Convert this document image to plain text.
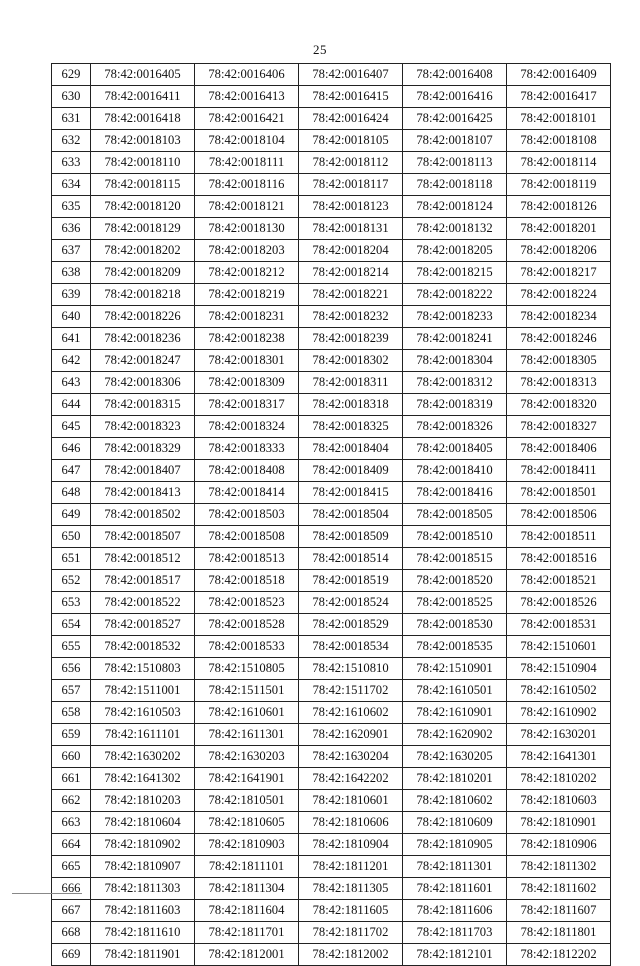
25
629	78:42:0016405	78:42:0016406	78:42:0016407	78:42:0016408	78:42:0016409
630	78:42:0016411	78:42:0016413	78:42:0016415	78:42:0016416	78:42:0016417
631	78:42:0016418	78:42:0016421	78:42:0016424	78:42:0016425	78:42:0018101
632	78:42:0018103	78:42:0018104	78:42:0018105	78:42:0018107	78:42:0018108
633	78:42:0018110	78:42:0018111	78:42:0018112	78:42:0018113	78:42:0018114
634	78:42:0018115	78:42:0018116	78:42:0018117	78:42:0018118	78:42:0018119
635	78:42:0018120	78:42:0018121	78:42:0018123	78:42:0018124	78:42:0018126
636	78:42:0018129	78:42:0018130	78:42:0018131	78:42:0018132	78:42:0018201
637	78:42:0018202	78:42:0018203	78:42:0018204	78:42:0018205	78:42:0018206
638	78:42:0018209	78:42:0018212	78:42:0018214	78:42:0018215	78:42:0018217
639	78:42:0018218	78:42:0018219	78:42:0018221	78:42:0018222	78:42:0018224
640	78:42:0018226	78:42:0018231	78:42:0018232	78:42:0018233	78:42:0018234
641	78:42:0018236	78:42:0018238	78:42:0018239	78:42:0018241	78:42:0018246
642	78:42:0018247	78:42:0018301	78:42:0018302	78:42:0018304	78:42:0018305
643	78:42:0018306	78:42:0018309	78:42:0018311	78:42:0018312	78:42:0018313
644	78:42:0018315	78:42:0018317	78:42:0018318	78:42:0018319	78:42:0018320
645	78:42:0018323	78:42:0018324	78:42:0018325	78:42:0018326	78:42:0018327
646	78:42:0018329	78:42:0018333	78:42:0018404	78:42:0018405	78:42:0018406
647	78:42:0018407	78:42:0018408	78:42:0018409	78:42:0018410	78:42:0018411
648	78:42:0018413	78:42:0018414	78:42:0018415	78:42:0018416	78:42:0018501
649	78:42:0018502	78:42:0018503	78:42:0018504	78:42:0018505	78:42:0018506
650	78:42:0018507	78:42:0018508	78:42:0018509	78:42:0018510	78:42:0018511
651	78:42:0018512	78:42:0018513	78:42:0018514	78:42:0018515	78:42:0018516
652	78:42:0018517	78:42:0018518	78:42:0018519	78:42:0018520	78:42:0018521
653	78:42:0018522	78:42:0018523	78:42:0018524	78:42:0018525	78:42:0018526
654	78:42:0018527	78:42:0018528	78:42:0018529	78:42:0018530	78:42:0018531
655	78:42:0018532	78:42:0018533	78:42:0018534	78:42:0018535	78:42:1510601
656	78:42:1510803	78:42:1510805	78:42:1510810	78:42:1510901	78:42:1510904
657	78:42:1511001	78:42:1511501	78:42:1511702	78:42:1610501	78:42:1610502
658	78:42:1610503	78:42:1610601	78:42:1610602	78:42:1610901	78:42:1610902
659	78:42:1611101	78:42:1611301	78:42:1620901	78:42:1620902	78:42:1630201
660	78:42:1630202	78:42:1630203	78:42:1630204	78:42:1630205	78:42:1641301
661	78:42:1641302	78:42:1641901	78:42:1642202	78:42:1810201	78:42:1810202
662	78:42:1810203	78:42:1810501	78:42:1810601	78:42:1810602	78:42:1810603
663	78:42:1810604	78:42:1810605	78:42:1810606	78:42:1810609	78:42:1810901
664	78:42:1810902	78:42:1810903	78:42:1810904	78:42:1810905	78:42:1810906
665	78:42:1810907	78:42:1811101	78:42:1811201	78:42:1811301	78:42:1811302
666	78:42:1811303	78:42:1811304	78:42:1811305	78:42:1811601	78:42:1811602
667	78:42:1811603	78:42:1811604	78:42:1811605	78:42:1811606	78:42:1811607
668	78:42:1811610	78:42:1811701	78:42:1811702	78:42:1811703	78:42:1811801
669	78:42:1811901	78:42:1812001	78:42:1812002	78:42:1812101	78:42:1812202
